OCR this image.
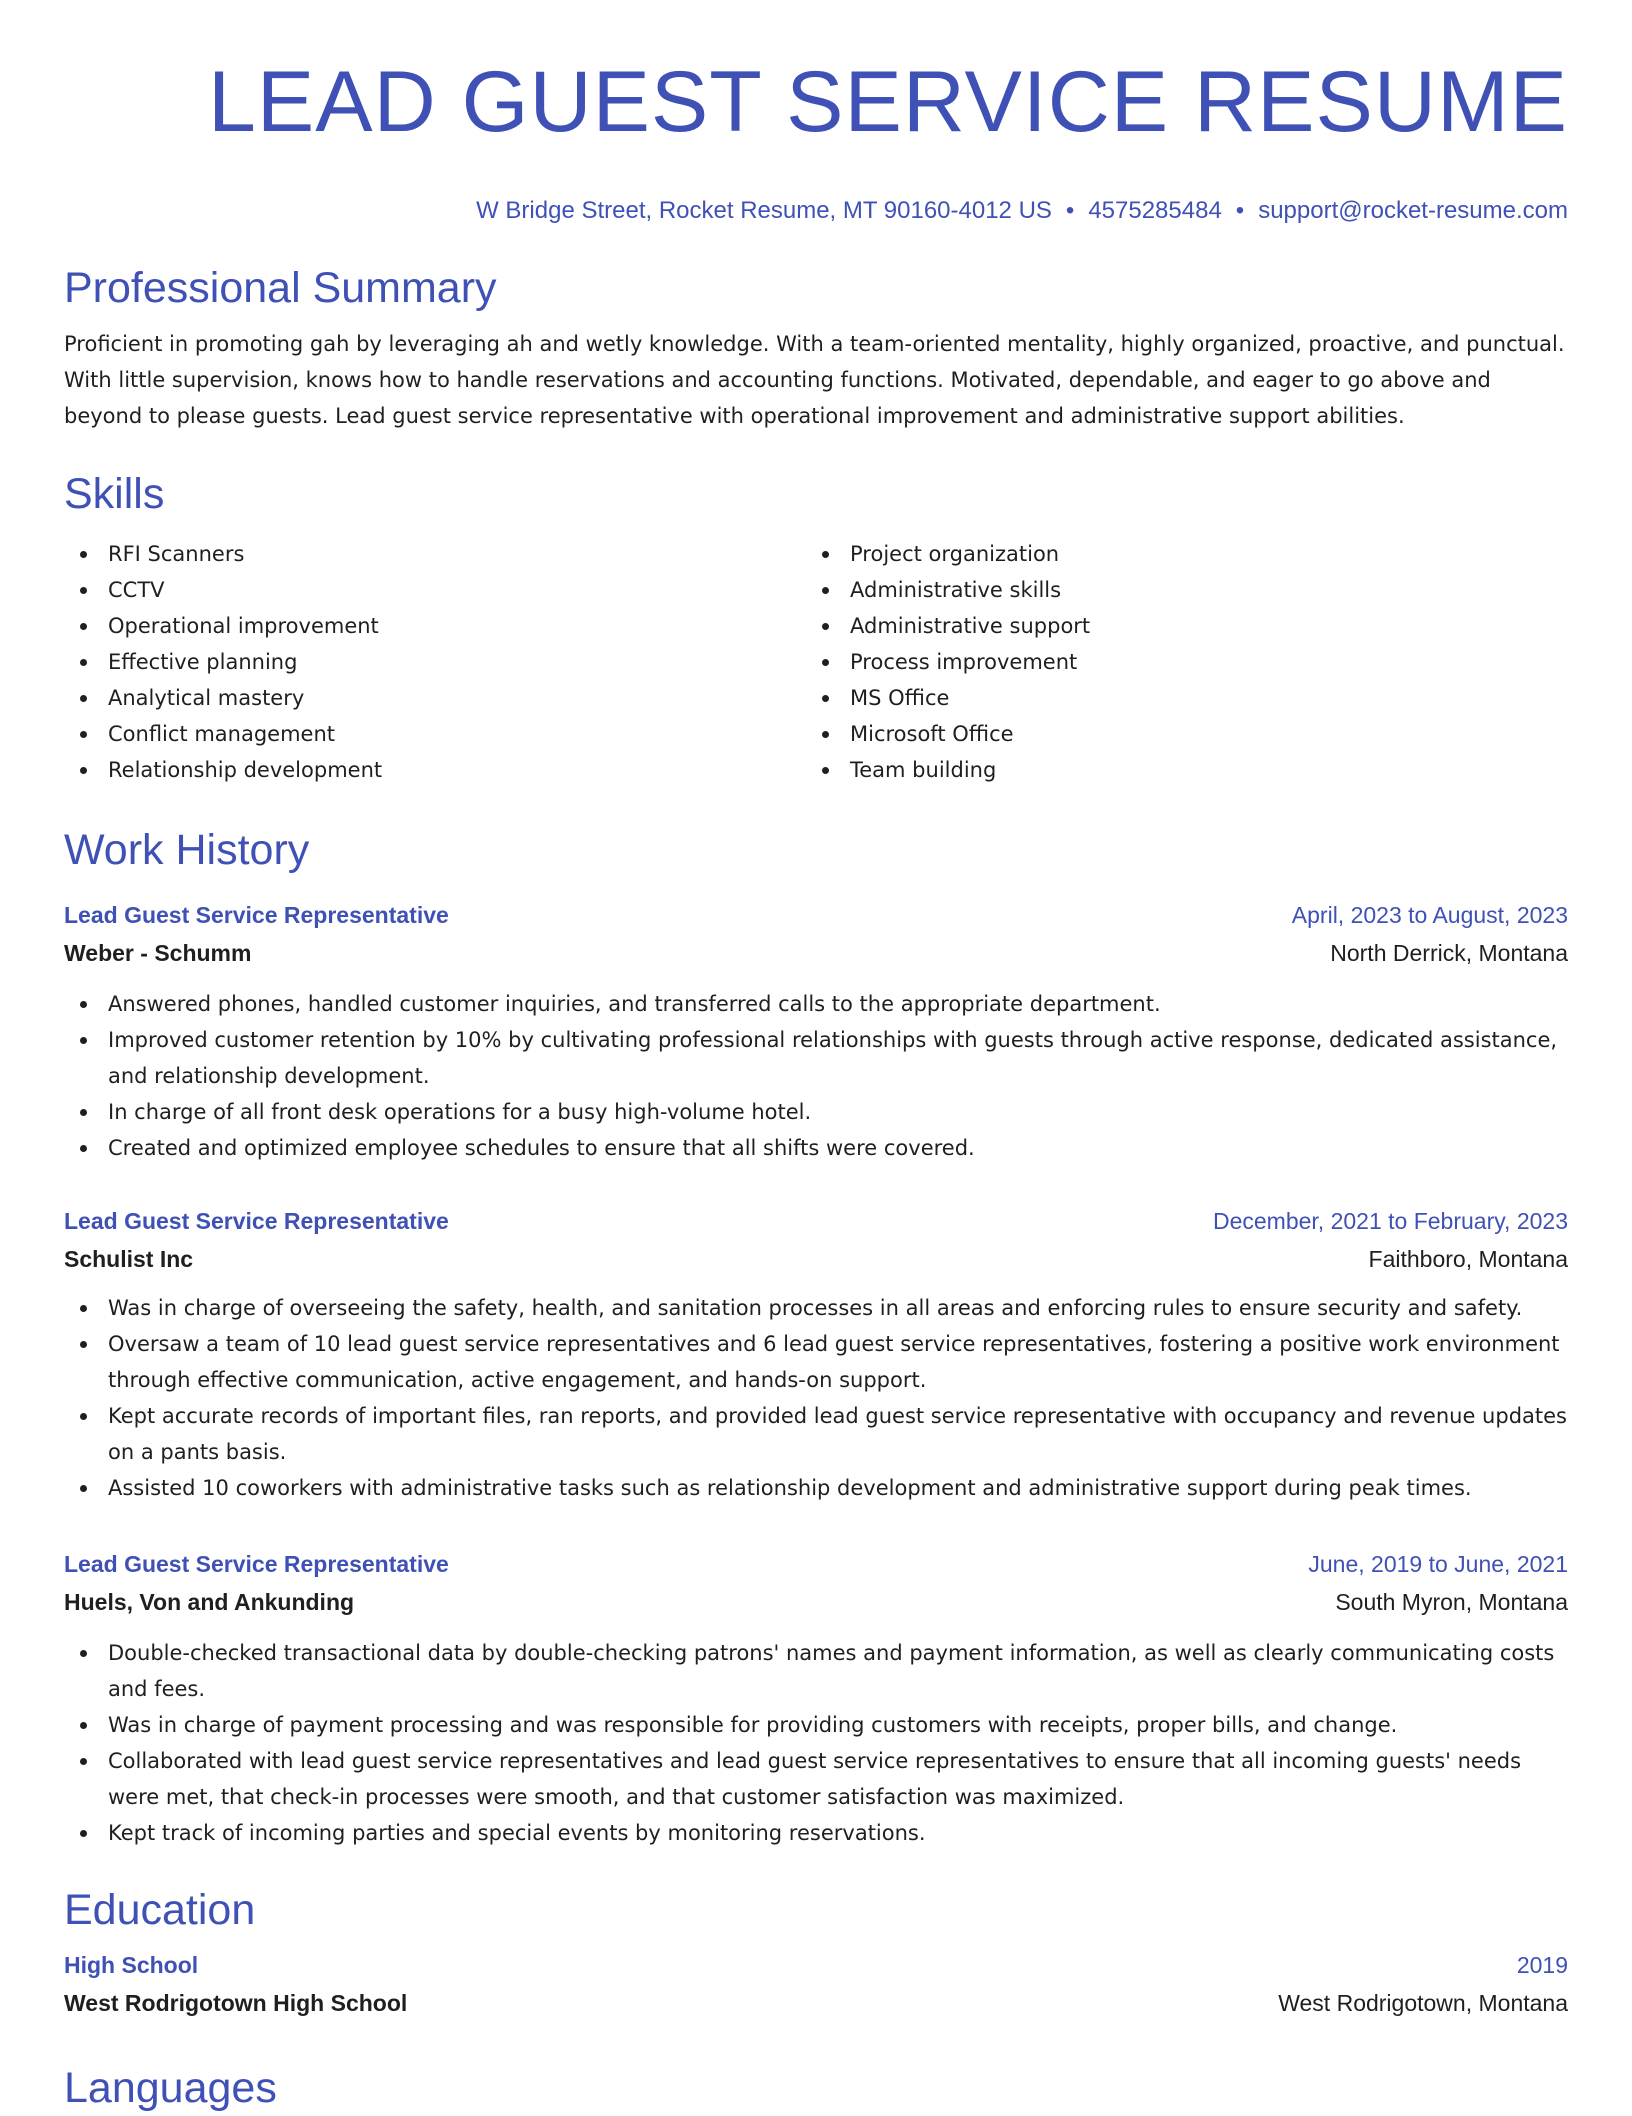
LEAD GUEST SERVICE RESUME
W Bridge Street, Rocket Resume, MT 90160-4012 US • 4575285484 • support@rocket-resume.com
Professional Summary

Proficient in promoting gah by leveraging ah and wetly knowledge. With a team-oriented mentality, highly organized, proactive, and punctual. With little supervision, knows how to handle reservations and accounting functions. Motivated, dependable, and eager to go above and beyond to please guests. Lead guest service representative with operational improvement and administrative support abilities.

Skills
RFI Scanners
CCTV
Operational improvement
Effective planning
Analytical mastery
Conflict management
Relationship development
Project organization
Administrative skills
Administrative support
Process improvement
MS Office
Microsoft Office
Team building
Work History
Lead Guest Service Representative	April, 2023 to August, 2023
Weber - Schumm	North Derrick, Montana
Answered phones, handled customer inquiries, and transferred calls to the appropriate department.
Improved customer retention by 10% by cultivating professional relationships with guests through active response, dedicated assistance, and relationship development.
In charge of all front desk operations for a busy high-volume hotel.
Created and optimized employee schedules to ensure that all shifts were covered.
Lead Guest Service Representative	December, 2021 to February, 2023
Schulist Inc	Faithboro, Montana
Was in charge of overseeing the safety, health, and sanitation processes in all areas and enforcing rules to ensure security and safety.
Oversaw a team of 10 lead guest service representatives and 6 lead guest service representatives, fostering a positive work environment through effective communication, active engagement, and hands-on support.
Kept accurate records of important files, ran reports, and provided lead guest service representative with occupancy and revenue updates on a pants basis.
Assisted 10 coworkers with administrative tasks such as relationship development and administrative support during peak times.
Lead Guest Service Representative	June, 2019 to June, 2021
Huels, Von and Ankunding	South Myron, Montana
Double-checked transactional data by double-checking patrons' names and payment information, as well as clearly communicating costs and fees.
Was in charge of payment processing and was responsible for providing customers with receipts, proper bills, and change.
Collaborated with lead guest service representatives and lead guest service representatives to ensure that all incoming guests' needs were met, that check-in processes were smooth, and that customer satisfaction was maximized.
Kept track of incoming parties and special events by monitoring reservations.
Education
High School	2019
West Rodrigotown High School	West Rodrigotown, Montana
Languages
